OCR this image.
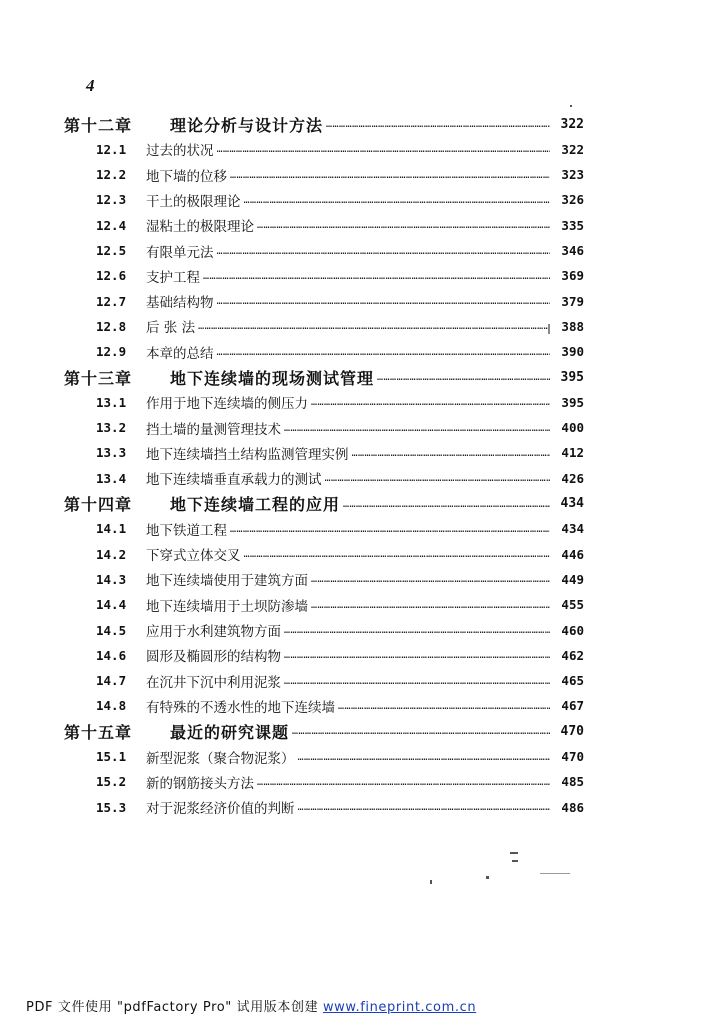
4
第十二章	理论分析与设计方法 ……………………………………………………………………………………………………………………………………………………………………………………	322
12.1	过去的状况 ……………………………………………………………………………………………………………………………………………………………………………………	322
12.2	地下墙的位移 ……………………………………………………………………………………………………………………………………………………………………………………	323
12.3	干土的极限理论 ……………………………………………………………………………………………………………………………………………………………………………………	326
12.4	湿粘土的极限理论 ……………………………………………………………………………………………………………………………………………………………………………………	335
12.5	有限单元法 ……………………………………………………………………………………………………………………………………………………………………………………	346
12.6	支护工程 ……………………………………………………………………………………………………………………………………………………………………………………	369
12.7	基础结构物 ……………………………………………………………………………………………………………………………………………………………………………………	379
12.8	后 张 法 ……………………………………………………………………………………………………………………………………………………………………………………	388
12.9	本章的总结 ……………………………………………………………………………………………………………………………………………………………………………………	390
第十三章	地下连续墙的现场测试管理 ……………………………………………………………………………………………………………………………………………………………………………………	395
13.1	作用于地下连续墙的侧压力 ……………………………………………………………………………………………………………………………………………………………………………………	395
13.2	挡土墙的量测管理技术 ……………………………………………………………………………………………………………………………………………………………………………………	400
13.3	地下连续墙挡土结构监测管理实例 ……………………………………………………………………………………………………………………………………………………………………………………	412
13.4	地下连续墙垂直承载力的测试 ……………………………………………………………………………………………………………………………………………………………………………………	426
第十四章	地下连续墙工程的应用 ……………………………………………………………………………………………………………………………………………………………………………………	434
14.1	地下铁道工程 ……………………………………………………………………………………………………………………………………………………………………………………	434
14.2	下穿式立体交叉 ……………………………………………………………………………………………………………………………………………………………………………………	446
14.3	地下连续墙使用于建筑方面 ……………………………………………………………………………………………………………………………………………………………………………………	449
14.4	地下连续墙用于土坝防渗墙 ……………………………………………………………………………………………………………………………………………………………………………………	455
14.5	应用于水利建筑物方面 ……………………………………………………………………………………………………………………………………………………………………………………	460
14.6	圆形及椭圆形的结构物 ……………………………………………………………………………………………………………………………………………………………………………………	462
14.7	在沉井下沉中利用泥浆 ……………………………………………………………………………………………………………………………………………………………………………………	465
14.8	有特殊的不透水性的地下连续墙 ……………………………………………………………………………………………………………………………………………………………………………………	467
第十五章	最近的研究课题 ……………………………………………………………………………………………………………………………………………………………………………………	470
15.1	新型泥浆（聚合物泥浆） ……………………………………………………………………………………………………………………………………………………………………………………	470
15.2	新的钢筋接头方法 ……………………………………………………………………………………………………………………………………………………………………………………	485
15.3	对于泥浆经济价值的判断 ……………………………………………………………………………………………………………………………………………………………………………………	486
PDF 文件使用 "pdfFactory Pro" 试用版本创建 www.fineprint.com.cn
